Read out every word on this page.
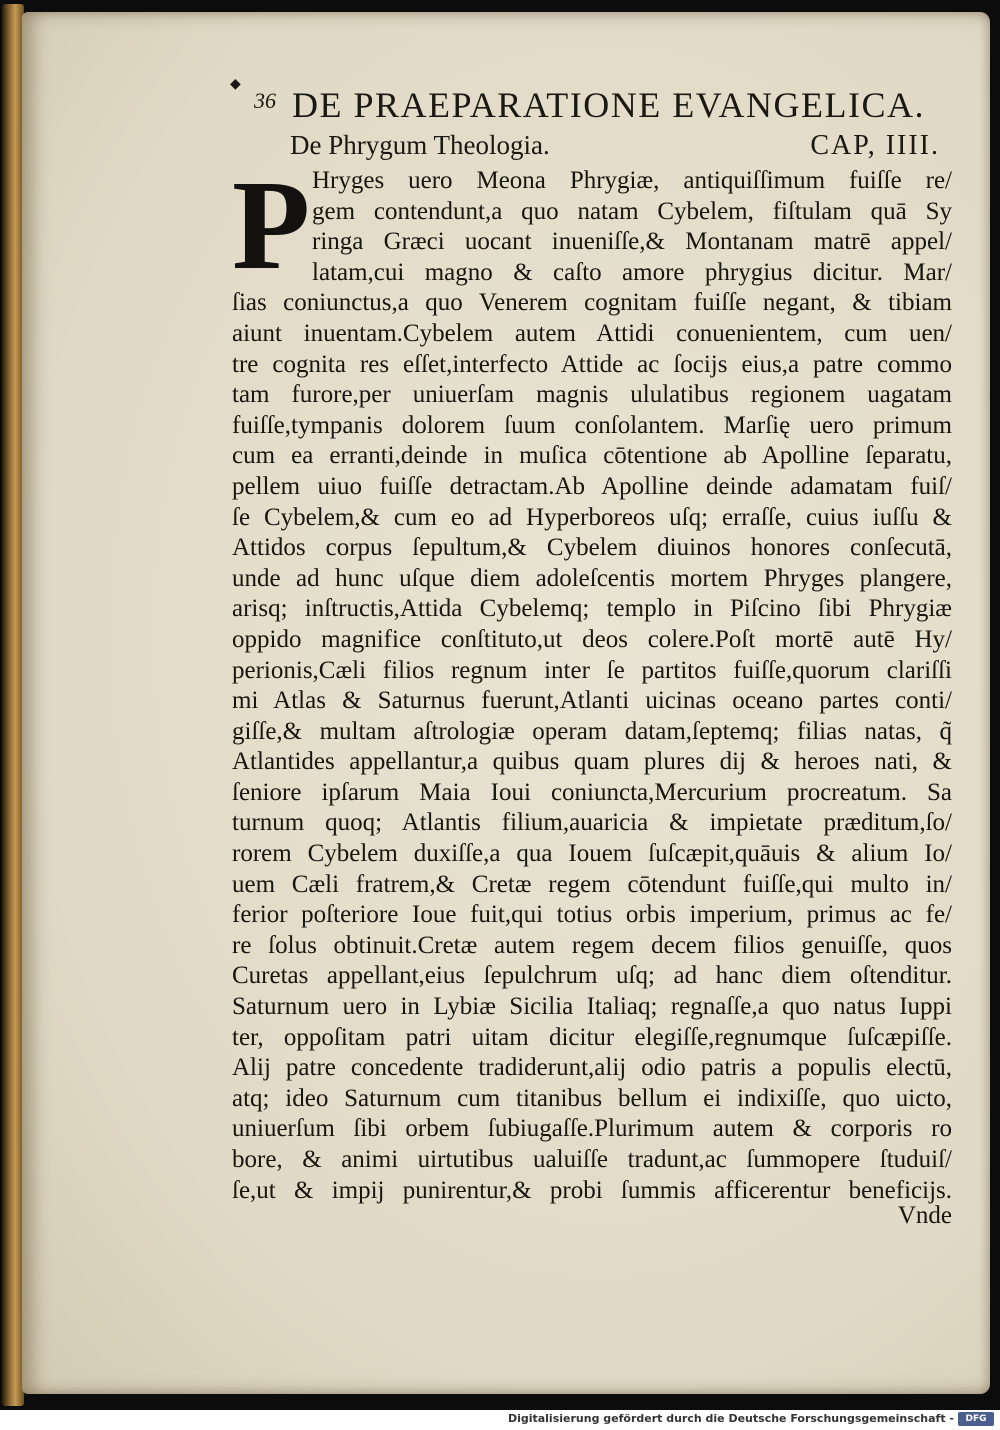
◆
36 DE PRAEPARATIONE EVANGELICA.
De Phrygum Theologia.	CAP, IIII.
P Hryges uero Meona Phrygiæ, antiquiſſimum fuiſſe re/
gem contendunt,a quo natam Cybelem, fiſtulam quā Sy
ringa Græci uocant inueniſſe,& Montanam matrē appel/
latam,cui magno & caſto amore phrygius dicitur. Mar/
ſias coniunctus,a quo Venerem cognitam fuiſſe negant, & tibiam
aiunt inuentam.Cybelem autem Attidi conuenientem, cum uen/
tre cognita res eſſet,interfecto Attide ac ſocijs eius,a patre commo
tam furore,per uniuerſam magnis ululatibus regionem uagatam
fuiſſe,tympanis dolorem ſuum conſolantem. Marſię uero primum
cum ea erranti,deinde in muſica cōtentione ab Apolline ſeparatu,
pellem uiuo fuiſſe detractam.Ab Apolline deinde adamatam fuiſ/
ſe Cybelem,& cum eo ad Hyperboreos uſq; erraſſe, cuius iuſſu &
Attidos corpus ſepultum,& Cybelem diuinos honores conſecutā,
unde ad hunc uſque diem adoleſcentis mortem Phryges plangere,
arisq; inſtructis,Attida Cybelemq; templo in Piſcino ſibi Phrygiæ
oppido magnifice conſtituto,ut deos colere.Poſt mortē autē Hy/
perionis,Cæli filios regnum inter ſe partitos fuiſſe,quorum clariſſi
mi Atlas & Saturnus fuerunt,Atlanti uicinas oceano partes conti/
giſſe,& multam aſtrologiæ operam datam,ſeptemq; filias natas, q̃
Atlantides appellantur,a quibus quam plures dij & heroes nati, &
ſeniore ipſarum Maia Ioui coniuncta,Mercurium procreatum. Sa
turnum quoq; Atlantis filium,auaricia & impietate præditum,ſo/
rorem Cybelem duxiſſe,a qua Iouem ſuſcæpit,quāuis & alium Io/
uem Cæli fratrem,& Cretæ regem cōtendunt fuiſſe,qui multo in/
ferior poſteriore Ioue fuit,qui totius orbis imperium, primus ac fe/
re ſolus obtinuit.Cretæ autem regem decem filios genuiſſe, quos
Curetas appellant,eius ſepulchrum uſq; ad hanc diem oſtenditur.
Saturnum uero in Lybiæ Sicilia Italiaq; regnaſſe,a quo natus Iuppi
ter, oppoſitam patri uitam dicitur elegiſſe,regnumque ſuſcæpiſſe.
Alij patre concedente tradiderunt,alij odio patris a populis electū,
atq; ideo Saturnum cum titanibus bellum ei indixiſſe, quo uicto,
uniuerſum ſibi orbem ſubiugaſſe.Plurimum autem & corporis ro
bore, & animi uirtutibus ualuiſſe tradunt,ac ſummopere ſtuduiſ/
ſe,ut & impij punirentur,& probi ſummis afficerentur beneficijs.
Vnde
Digitalisierung gefördert durch die Deutsche Forschungsgemeinschaft -	DFG
